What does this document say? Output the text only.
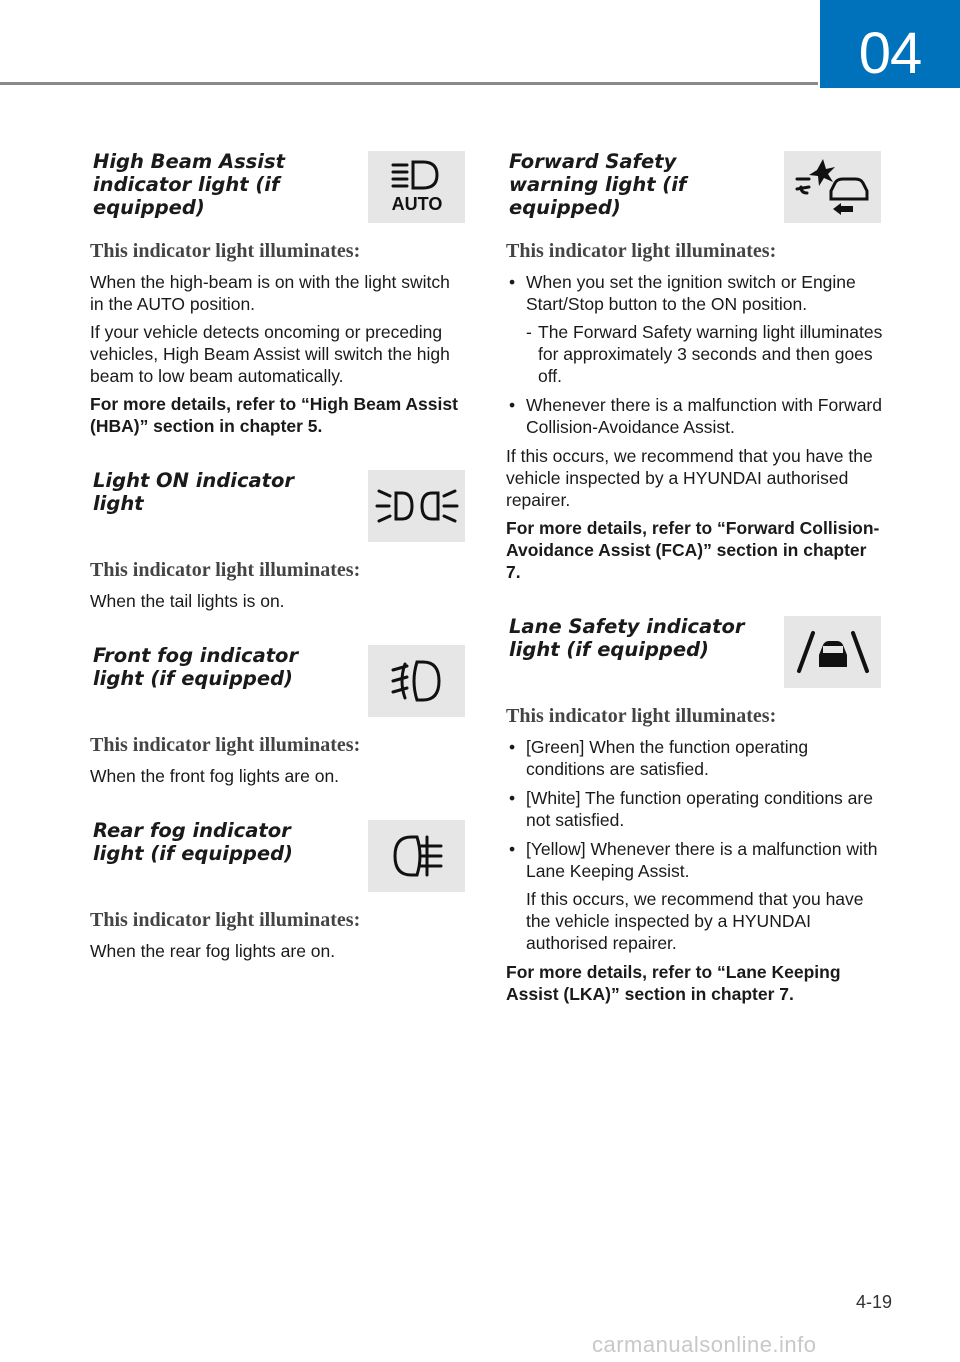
04
High Beam Assist indicator light (if equipped)	AUTO
This indicator light illuminates:

When the high-beam is on with the light switch in the AUTO position.

If your vehicle detects oncoming or preceding vehicles, High Beam Assist will switch the high beam to low beam automatically.

For more details, refer to “High Beam Assist (HBA)” section in chapter 5.

Light ON indicator light
This indicator light illuminates:

When the tail lights is on.

Front fog indicator light (if equipped)
This indicator light illuminates:

When the front fog lights are on.

Rear fog indicator light (if equipped)
This indicator light illuminates:

When the rear fog lights are on.

Forward Safety warning light (if equipped)
This indicator light illuminates:
• When you set the ignition switch or Engine Start/Stop button to the ON position.
- The Forward Safety warning light illuminates for approximately 3 seconds and then goes off.
• Whenever there is a malfunction with Forward Collision-Avoidance Assist.

If this occurs, we recommend that you have the vehicle inspected by a HYUNDAI authorised repairer.

For more details, refer to “Forward Collision-Avoidance Assist (FCA)” section in chapter 7.

Lane Safety indicator light (if equipped)
This indicator light illuminates:
• [Green] When the function operating conditions are satisfied.
• [White] The function operating conditions are not satisfied.
• [Yellow] Whenever there is a malfunction with Lane Keeping Assist.
If this occurs, we recommend that you have the vehicle inspected by a HYUNDAI authorised repairer.

For more details, refer to “Lane Keeping Assist (LKA)” section in chapter 7.

4-19
carmanualsonline.info
